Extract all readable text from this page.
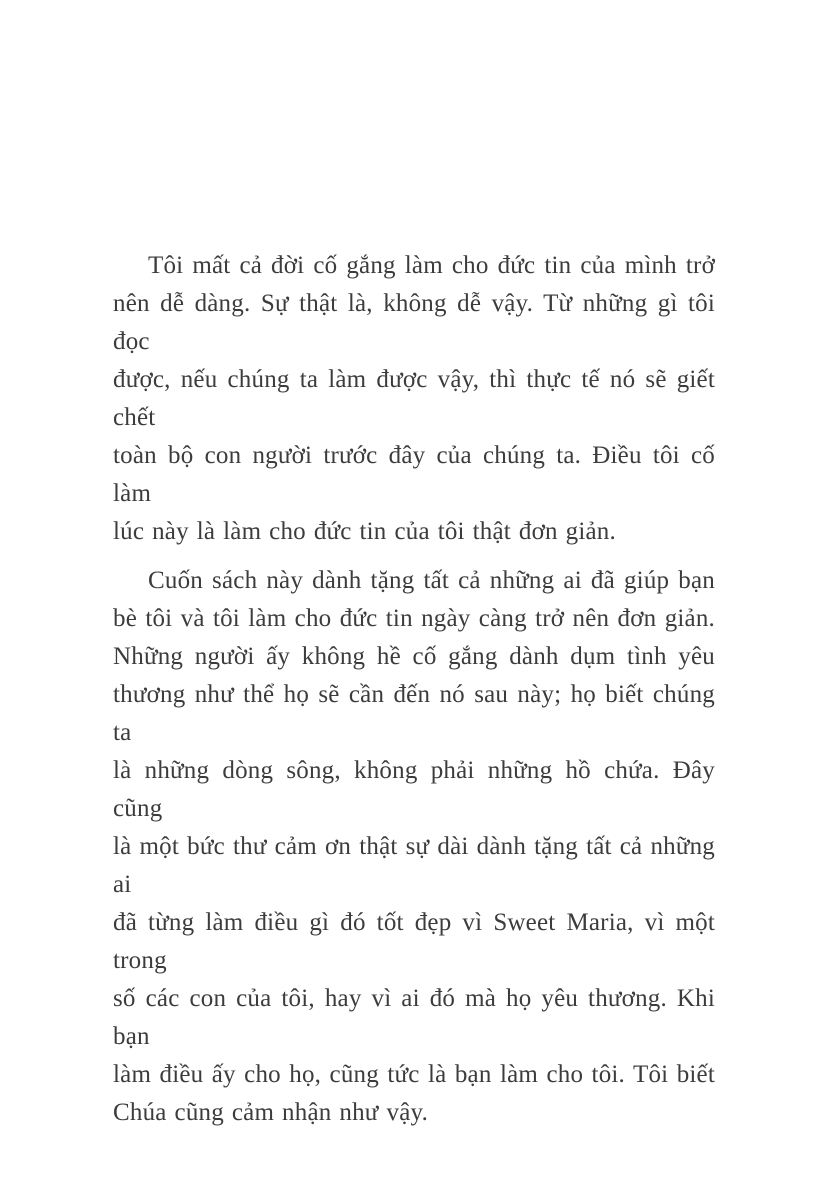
Tôi mất cả đời cố gắng làm cho đức tin của mình trở
nên dễ dàng. Sự thật là, không dễ vậy. Từ những gì tôi đọc
được, nếu chúng ta làm được vậy, thì thực tế nó sẽ giết chết
toàn bộ con người trước đây của chúng ta. Điều tôi cố làm
lúc này là làm cho đức tin của tôi thật đơn giản.
Cuốn sách này dành tặng tất cả những ai đã giúp bạn
bè tôi và tôi làm cho đức tin ngày càng trở nên đơn giản.
Những người ấy không hề cố gắng dành dụm tình yêu
thương như thể họ sẽ cần đến nó sau này; họ biết chúng ta
là những dòng sông, không phải những hồ chứa. Đây cũng
là một bức thư cảm ơn thật sự dài dành tặng tất cả những ai
đã từng làm điều gì đó tốt đẹp vì Sweet Maria, vì một trong
số các con của tôi, hay vì ai đó mà họ yêu thương. Khi bạn
làm điều ấy cho họ, cũng tức là bạn làm cho tôi. Tôi biết
Chúa cũng cảm nhận như vậy.
